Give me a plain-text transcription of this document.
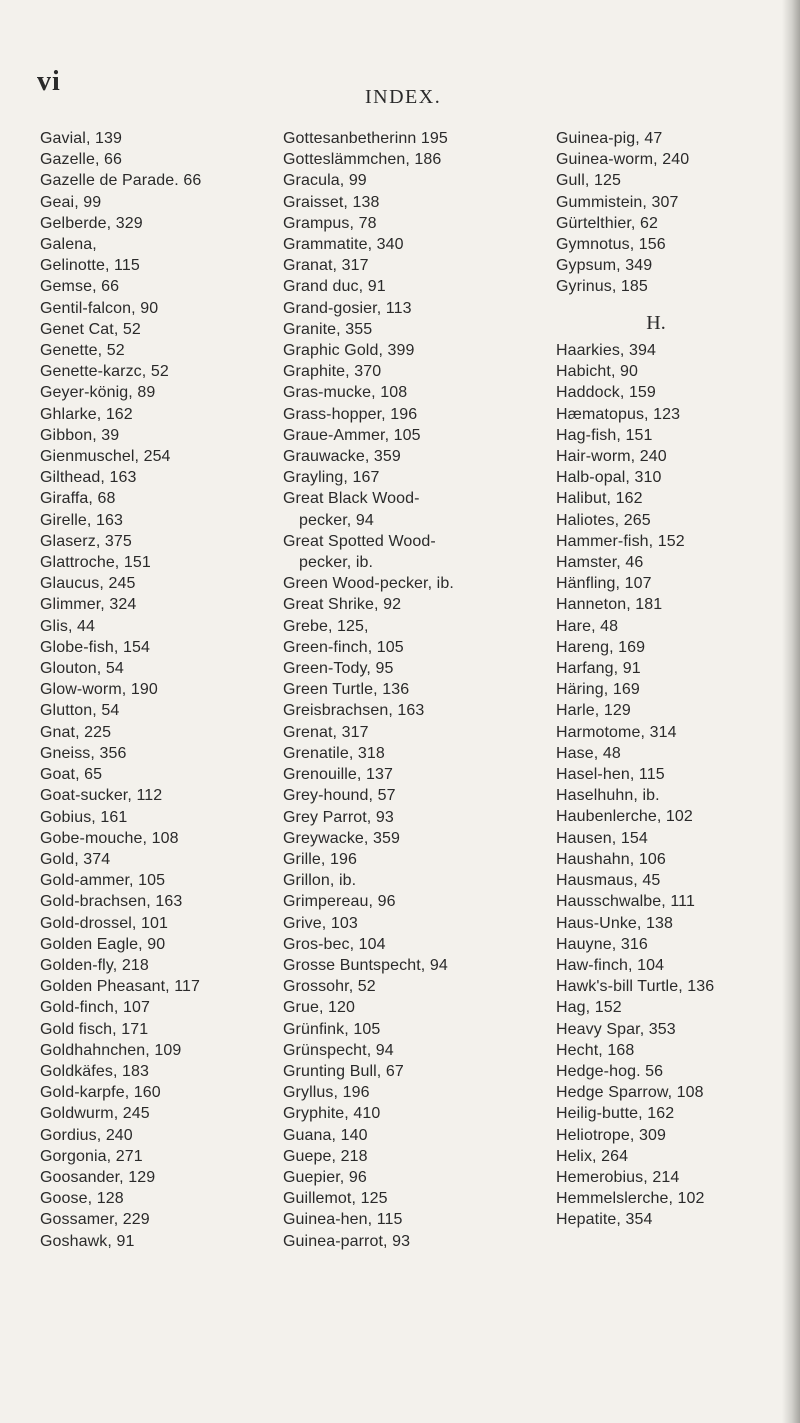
vi	INDEX.
Gavial, 139
Gazelle, 66
Gazelle de Parade. 66
Geai, 99
Gelberde, 329
Galena,
Gelinotte, 115
Gemse, 66
Gentil-falcon, 90
Genet Cat, 52
Genette, 52
Genette-karzc, 52
Geyer-könig, 89
Ghlarke, 162
Gibbon, 39
Gienmuschel, 254
Gilthead, 163
Giraffa, 68
Girelle, 163
Glaserz, 375
Glattroche, 151
Glaucus, 245
Glimmer, 324
Glis, 44
Globe-fish, 154
Glouton, 54
Glow-worm, 190
Glutton, 54
Gnat, 225
Gneiss, 356
Goat, 65
Goat-sucker, 112
Gobius, 161
Gobe-mouche, 108
Gold, 374
Gold-ammer, 105
Gold-brachsen, 163
Gold-drossel, 101
Golden Eagle, 90
Golden-fly, 218
Golden Pheasant, 117
Gold-finch, 107
Gold fisch, 171
Goldhahnchen, 109
Goldkäfes, 183
Gold-karpfe, 160
Goldwurm, 245
Gordius, 240
Gorgonia, 271
Goosander, 129
Goose, 128
Gossamer, 229
Goshawk, 91
Gottesanbetherinn 195
Gotteslämmchen, 186
Gracula, 99
Graisset, 138
Grampus, 78
Grammatite, 340
Granat, 317
Grand duc, 91
Grand-gosier, 113
Granite, 355
Graphic Gold, 399
Graphite, 370
Gras-mucke, 108
Grass-hopper, 196
Graue-Ammer, 105
Grauwacke, 359
Grayling, 167
Great Black Wood-
pecker, 94
Great Spotted Wood-
pecker, ib.
Green Wood-pecker, ib.
Great Shrike, 92
Grebe, 125,
Green-finch, 105
Green-Tody, 95
Green Turtle, 136
Greisbrachsen, 163
Grenat, 317
Grenatile, 318
Grenouille, 137
Grey-hound, 57
Grey Parrot, 93
Greywacke, 359
Grille, 196
Grillon, ib.
Grimpereau, 96
Grive, 103
Gros-bec, 104
Grosse Buntspecht, 94
Grossohr, 52
Grue, 120
Grünfink, 105
Grünspecht, 94
Grunting Bull, 67
Gryllus, 196
Gryphite, 410
Guana, 140
Guepe, 218
Guepier, 96
Guillemot, 125
Guinea-hen, 115
Guinea-parrot, 93
Guinea-pig, 47
Guinea-worm, 240
Gull, 125
Gummistein, 307
Gürtelthier, 62
Gymnotus, 156
Gypsum, 349
Gyrinus, 185
H.
Haarkies, 394
Habicht, 90
Haddock, 159
Hæmatopus, 123
Hag-fish, 151
Hair-worm, 240
Halb-opal, 310
Halibut, 162
Haliotes, 265
Hammer-fish, 152
Hamster, 46
Hänfling, 107
Hanneton, 181
Hare, 48
Hareng, 169
Harfang, 91
Häring, 169
Harle, 129
Harmotome, 314
Hase, 48
Hasel-hen, 115
Haselhuhn, ib.
Haubenlerche, 102
Hausen, 154
Haushahn, 106
Hausmaus, 45
Hausschwalbe, 111
Haus-Unke, 138
Hauyne, 316
Haw-finch, 104
Hawk's-bill Turtle, 136
Hag, 152
Heavy Spar, 353
Hecht, 168
Hedge-hog. 56
Hedge Sparrow, 108
Heilig-butte, 162
Heliotrope, 309
Helix, 264
Hemerobius, 214
Hemmelslerche, 102
Hepatite, 354
